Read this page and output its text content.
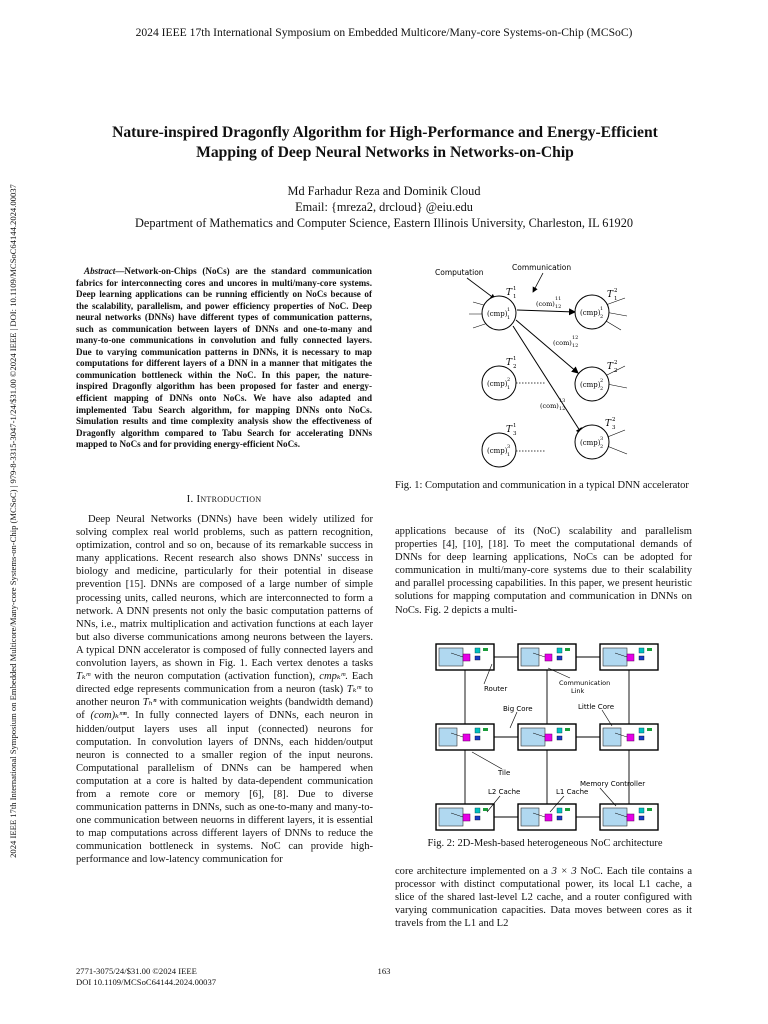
2024 IEEE 17th International Symposium on Embedded Multicore/Many-core Systems-on-Chip (MCSoC)
2024 IEEE 17th International Symposium on Embedded Multicore/Many-core Systems-on-Chip (MCSoC) | 979-8-3315-3047-1/24/$31.00 ©2024 IEEE | DOI: 10.1109/MCSoC64144.2024.00037
Nature-inspired Dragonfly Algorithm for High-Performance and Energy-Efficient
Mapping of Deep Neural Networks in Networks-on-Chip
Md Farhadur Reza and Dominik Cloud
Email: {mreza2, drcloud} @eiu.edu
Department of Mathematics and Computer Science, Eastern Illinois University, Charleston, IL 61920
Abstract—Network-on-Chips (NoCs) are the standard communication fabrics for interconnecting cores and uncores in multi/many-core systems. Deep learning applications can be running efficiently on NoCs because of the scalability, parallelism, and power efficiency properties of NoC. Deep neural networks (DNNs) have different types of communication patterns, such as communication between layers of DNNs and one-to-many and many-to-one communications in convolution and fully connected layers. Due to varying communication patterns in DNNs, it is necessary to map computations for different layers of a DNN in a manner that mitigates the communication bottleneck within the NoC. In this paper, the nature-inspired Dragonfly algorithm has been proposed for faster and energy-efficient mapping of DNNs onto NoCs. We have also adapted and implemented Tabu Search algorithm, for mapping DNNs onto NoCs. Simulation results and time complexity analysis show the effectiveness of Dragonfly algorithm compared to Tabu Search for accelerating DNNs mapped to NoCs and for providing energy-efficient NoCs.
I. Introduction

Deep Neural Networks (DNNs) have been widely utilized for solving complex real world problems, such as pattern recognition, optimization, control and so on, because of its remarkable success in many applications. Recent research also shows DNNs' success in biology and medicine, particularly for their potential in disease prevention [15]. DNNs are composed of a large number of simple processing units, called neurons, which are interconnected to form a network. A DNN presents not only the basic computation patterns of NNs, i.e., matrix multiplication and activation functions at each layer but also diverse communications among neurons between the layers. A typical DNN accelerator is composed of fully connected layers and convolution layers, as shown in Fig. 1. Each vertex denotes a tasks Tₖᵐ with the neuron computation (activation function), cmpₖᵐ. Each directed edge represents communication from a neuron (task) Tₖᵐ to another neuron Tₕⁿ with communication weights (bandwidth demand) of (com)ₖᵐⁿ. In fully connected layers of DNNs, each neuron in hidden/output layers uses all input (connected) neurons for computation. In convolution layers of DNNs, each hidden/output neuron is connected to a smaller region of the input neurons. Computational parallelism of DNNs can be hampered when computation at a core is halted by data-dependent communication from a remote core or memory [6], [8]. Due to diverse communication patterns in DNNs, such as one-to-many and many-to-one communication between neuorns in different layers, it is essential to map computations across different layers of DNNs to reduce the communication bottleneck in systems. NoC can provide high-performance and low-latency communication for

Computation
Communication
(cmp) 1
1
T 1
1
(cmp) 2
1
T 1
2
(cmp) 3
1
T 1
3
(cmp) 1
2
T 2
1
(cmp) 2
2
T 2
2
(cmp) 3
2
T 2
3
(com)
11
12
(com)
12
12
(com)
13
12
Fig. 1: Computation and communication in a typical DNN accelerator
applications because of its (NoC) scalability and parallelism properties [4], [10], [18]. To meet the computational demands of DNNs for deep learning applications, NoCs can be adopted for communication in multi/many-core systems due to their scalability and parallel processing capabilities. In this paper, we present heuristic solutions for mapping computation and communication in DNNs on NoCs. Fig. 2 depicts a multi-
Router
Communication
Link
Big Core	Little Core
Tile
Memory Controller
L2 Cache	L1 Cache
Fig. 2: 2D-Mesh-based heterogeneous NoC architecture
core architecture implemented on a 3 × 3 NoC. Each tile contains a processor with distinct computational power, its local L1 cache, a slice of the shared last-level L2 cache, and a router configured with varying communication capacities. Data moves between cores as it travels from the L1 and L2
2771-3075/24/$31.00 ©2024 IEEE
DOI 10.1109/MCSoC64144.2024.00037
163
